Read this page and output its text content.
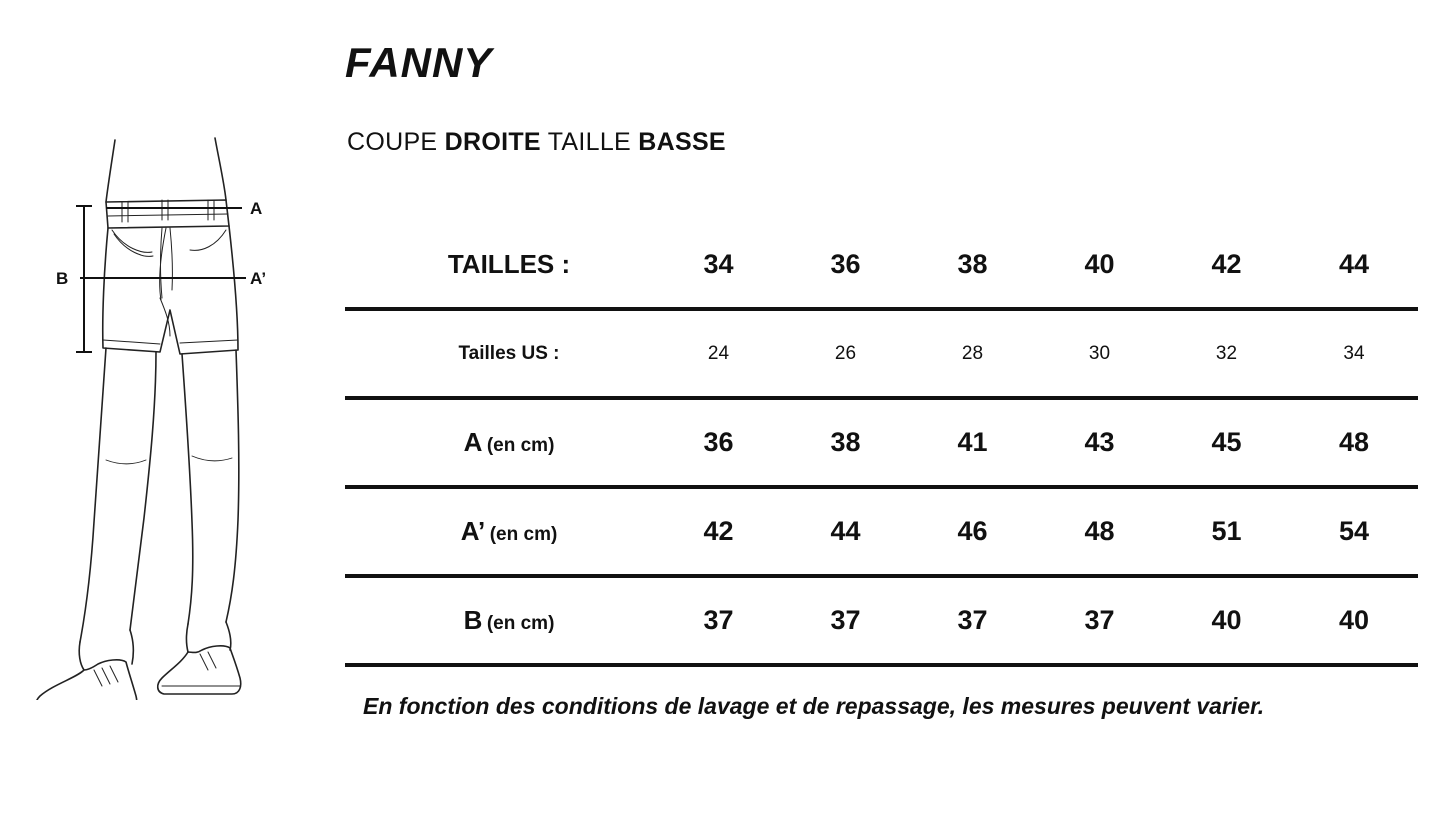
A
A’
B
FANNY
COUPE DROITE TAILLE BASSE
TAILLES :	34	36	38	40	42	44

Tailles US :	24	26	28	30	32	34

A (en cm)	36	38	41	43	45	48

A’ (en cm)	42	44	46	48	51	54

B (en cm)	37	37	37	37	40	40

En fonction des conditions de lavage et de repassage, les mesures peuvent varier.
